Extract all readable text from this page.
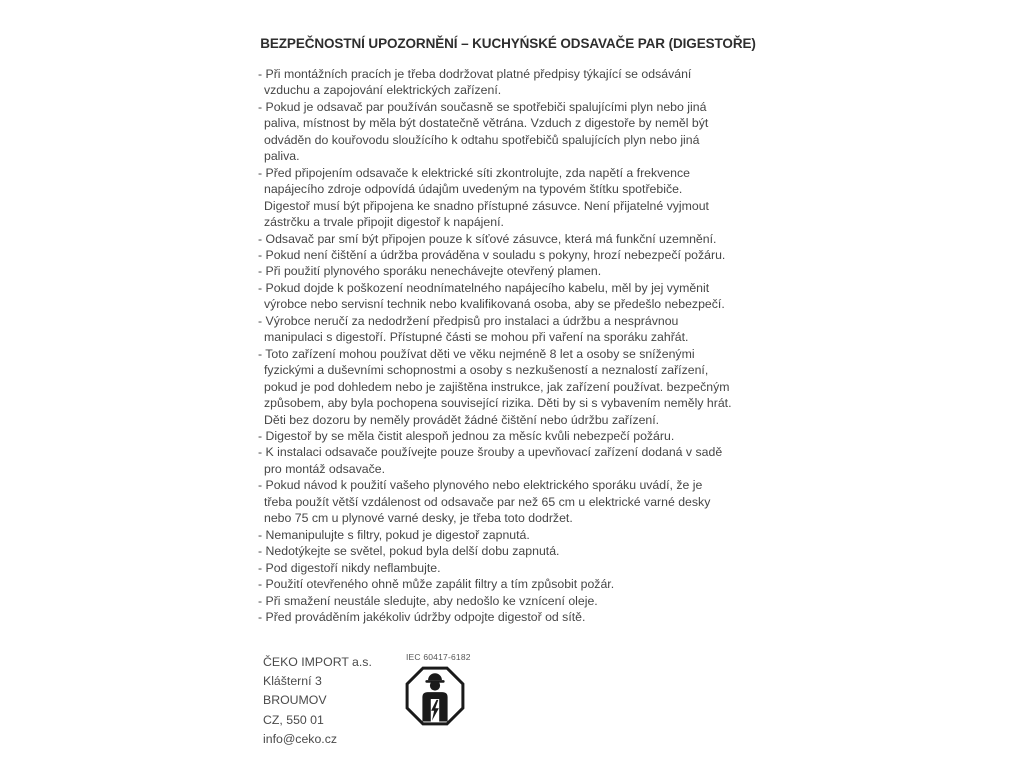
BEZPEČNOSTNÍ UPOZORNĚNÍ – KUCHYŃSKÉ ODSAVAČE PAR (DIGESTOŘE)
- Při montážních pracích je třeba dodržovat platné předpisy týkající se odsávání
vzduchu a zapojování elektrických zařízení.
- Pokud je odsavač par používán současně se spotřebiči spalujícími plyn nebo jiná
paliva, místnost by měla být dostatečně větrána. Vzduch z digestoře by neměl být
odváděn do kouřovodu sloužícího k odtahu spotřebičů spalujících plyn nebo jiná
paliva.
- Před připojením odsavače k elektrické síti zkontrolujte, zda napětí a frekvence
napájecího zdroje odpovídá údajům uvedeným na typovém štítku spotřebiče.
Digestoř musí být připojena ke snadno přístupné zásuvce. Není přijatelné vyjmout
zástrčku a trvale připojit digestoř k napájení.
- Odsavač par smí být připojen pouze k síťové zásuvce, která má funkční uzemnění.
- Pokud není čištění a údržba prováděna v souladu s pokyny, hrozí nebezpečí požáru.
- Při použití plynového sporáku nenechávejte otevřený plamen.
- Pokud dojde k poškození neodnímatelného napájecího kabelu, měl by jej vyměnit
výrobce nebo servisní technik nebo kvalifikovaná osoba, aby se předešlo nebezpečí.
- Výrobce neručí za nedodržení předpisů pro instalaci a údržbu a nesprávnou
manipulaci s digestoří. Přístupné části se mohou při vaření na sporáku zahřát.
- Toto zařízení mohou používat děti ve věku nejméně 8 let a osoby se sníženými
fyzickými a duševními schopnostmi a osoby s nezkušeností a neznalostí zařízení,
pokud je pod dohledem nebo je zajištěna instrukce, jak zařízení používat. bezpečným
způsobem, aby byla pochopena související rizika. Děti by si s vybavením neměly hrát.
Děti bez dozoru by neměly provádět žádné čištění nebo údržbu zařízení.
- Digestoř by se měla čistit alespoň jednou za měsíc kvůli nebezpečí požáru.
- K instalaci odsavače používejte pouze šrouby a upevňovací zařízení dodaná v sadě
pro montáž odsavače.
- Pokud návod k použití vašeho plynového nebo elektrického sporáku uvádí, že je
třeba použít větší vzdálenost od odsavače par než 65 cm u elektrické varné desky
nebo 75 cm u plynové varné desky, je třeba toto dodržet.
- Nemanipulujte s filtry, pokud je digestoř zapnutá.
- Nedotýkejte se světel, pokud byla delší dobu zapnutá.
- Pod digestoří nikdy neflambujte.
- Použití otevřeného ohně může zapálit filtry a tím způsobit požár.
- Při smažení neustále sledujte, aby nedošlo ke vznícení oleje.
- Před prováděním jakékoliv údržby odpojte digestoř od sítě.
ČEKO IMPORT a.s.
Klášterní 3
BROUMOV
CZ, 550 01
info@ceko.cz
IEC 60417-6182
